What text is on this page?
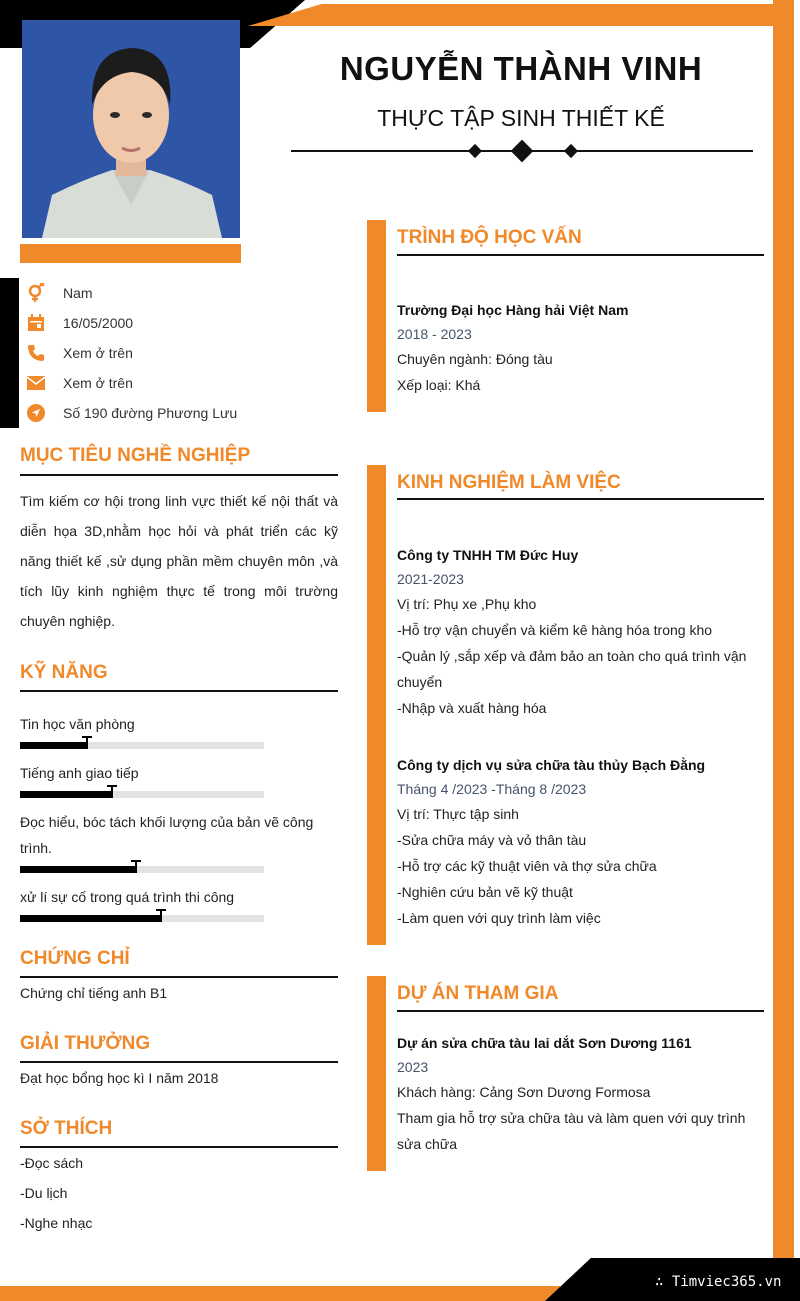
∴ Timviec365.vn
NGUYỄN THÀNH VINH
THỰC TẬP SINH THIẾT KẾ
Nam
16/05/2000
Xem ở trên
Xem ở trên
Số 190 đường Phương Lưu
MỤC TIÊU NGHỀ NGHIỆP
Tìm kiếm cơ hội trong linh vực thiết kế nội thất và diễn họa 3D,nhằm học hỏi và phát triển các kỹ năng thiết kế ,sử dụng phần mềm chuyên môn ,và tích lũy kinh nghiệm thực tế trong môi trường chuyên nghiệp.
KỸ NĂNG
Tin học văn phòng
Tiếng anh giao tiếp
Đọc hiểu, bóc tách khối lượng của bản vẽ công trình.
xử lí sự cố trong quá trình thi công
CHỨNG CHỈ
Chứng chỉ tiếng anh B1
GIẢI THƯỞNG
Đạt học bổng học kì I năm 2018
SỞ THÍCH
-Đọc sách
-Du lịch
-Nghe nhạc
TRÌNH ĐỘ HỌC VẤN
Trường Đại học Hàng hải Việt Nam
2018 - 2023
Chuyên ngành: Đóng tàu
Xếp loại: Khá
KINH NGHIỆM LÀM VIỆC
Công ty TNHH TM Đức Huy
2021-2023
Vị trí: Phụ xe ,Phụ kho
-Hỗ trợ vận chuyển và kiểm kê hàng hóa trong kho
-Quản lý ,sắp xếp và đảm bảo an toàn cho quá trình vận chuyển
-Nhập và xuất hàng hóa
Công ty dịch vụ sửa chữa tàu thủy Bạch Đằng
Tháng 4 /2023 -Tháng 8 /2023
Vị trí: Thực tập sinh
-Sửa chữa máy và vỏ thân tàu
-Hỗ trợ các kỹ thuật viên và thợ sửa chữa
-Nghiên cứu bản vẽ kỹ thuật
-Làm quen với quy trình làm việc
DỰ ÁN THAM GIA
Dự án sửa chữa tàu lai dắt Sơn Dương 1161
2023
Khách hàng: Cảng Sơn Dương Formosa
Tham gia hỗ trợ sửa chữa tàu và làm quen với quy trình sửa chữa
